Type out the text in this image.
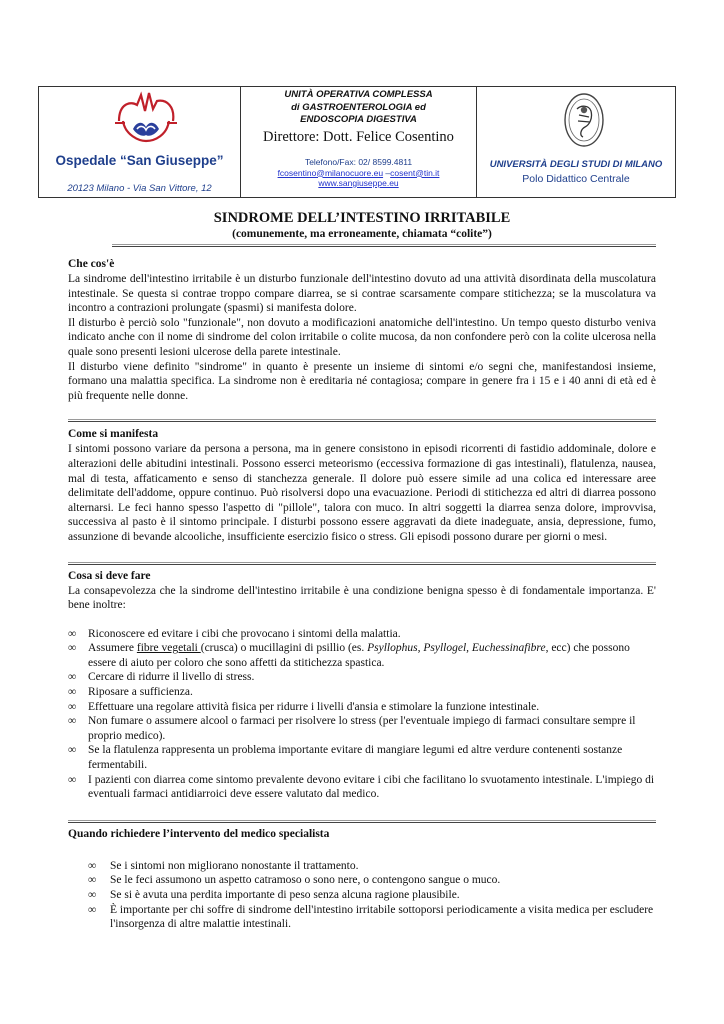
Ospedale “San Giuseppe”
20123 Milano - Via San Vittore, 12
UNITÀ OPERATIVA COMPLESSA
di GASTROENTEROLOGIA ed
ENDOSCOPIA DIGESTIVA
Direttore: Dott. Felice Cosentino
Telefono/Fax: 02/ 8599.4811
fcosentino@milanocuore.eu –cosent@tin.it
www.sangiuseppe.eu
UNIVERSITÀ DEGLI STUDI DI MILANO
Polo Didattico Centrale
SINDROME DELL’INTESTINO IRRITABILE
(comunemente, ma erroneamente, chiamata “colite”)
Che cos'è
La sindrome dell'intestino irritabile è un disturbo funzionale dell'intestino dovuto ad una attività disordinata della muscolatura intestinale. Se questa si contrae troppo compare diarrea, se si contrae scarsamente compare stitichezza; se la muscolatura va incontro a contrazioni prolungate (spasmi) si manifesta dolore.
Il disturbo è perciò solo "funzionale", non dovuto a modificazioni anatomiche dell'intestino. Un tempo questo disturbo veniva indicato anche con il nome di sindrome del colon irritabile o colite mucosa, da non confondere però con la colite ulcerosa nella quale sono presenti lesioni ulcerose della parete intestinale.
Il disturbo viene definito "sindrome" in quanto è presente un insieme di sintomi e/o segni che, manifestandosi insieme, formano una malattia specifica. La sindrome non è ereditaria né contagiosa; compare in genere fra i 15 e i 40 anni di età ed è più frequente nelle donne.
Come si manifesta
I sintomi possono variare da persona a persona, ma in genere consistono in episodi ricorrenti di fastidio addominale, dolore e alterazioni delle abitudini intestinali. Possono esserci meteorismo (eccessiva formazione di gas intestinali), flatulenza, nausea, mal di testa, affaticamento e senso di stanchezza generale. Il dolore può essere simile ad una colica ed interessare aree delimitate dell'addome, oppure continuo. Può risolversi dopo una evacuazione. Periodi di stitichezza ed altri di diarrea possono alternarsi. Le feci hanno spesso l'aspetto di "pillole", talora con muco. In altri soggetti la diarrea senza dolore, improvvisa, successiva al pasto è il sintomo principale. I disturbi possono essere aggravati da diete inadeguate, ansia, depressione, fumo, assunzione di bevande alcooliche, insufficiente esercizio fisico o stress. Gli episodi possono durare per giorni o mesi.
Cosa si deve fare
La consapevolezza che la sindrome dell'intestino irritabile è una condizione benigna spesso è di fondamentale importanza. E' bene inoltre:
∞ Riconoscere ed evitare i cibi che provocano i sintomi della malattia.
∞ Assumere fibre vegetali (crusca) o mucillagini di psillio (es. Psyllophus, Psyllogel, Euchessinafibre, ecc) che possono essere di aiuto per coloro che sono affetti da stitichezza spastica.
∞ Cercare di ridurre il livello di stress.
∞ Riposare a sufficienza.
∞ Effettuare una regolare attività fisica per ridurre i livelli d'ansia e stimolare la funzione intestinale.
∞ Non fumare o assumere alcool o farmaci per risolvere lo stress (per l'eventuale impiego di farmaci consultare sempre il proprio medico).
∞ Se la flatulenza rappresenta un problema importante evitare di mangiare legumi ed altre verdure contenenti sostanze fermentabili.
∞ I pazienti con diarrea come sintomo prevalente devono evitare i cibi che facilitano lo svuotamento intestinale. L'impiego di eventuali farmaci antidiarroici deve essere valutato dal medico.
Quando richiedere l’intervento del medico specialista
∞ Se i sintomi non migliorano nonostante il trattamento.
∞ Se le feci assumono un aspetto catramoso o sono nere, o contengono sangue o muco.
∞ Se si è avuta una perdita importante di peso senza alcuna ragione plausibile.
∞ È importante per chi soffre di sindrome dell'intestino irritabile sottoporsi periodicamente a visita medica per escludere l'insorgenza di altre malattie intestinali.
